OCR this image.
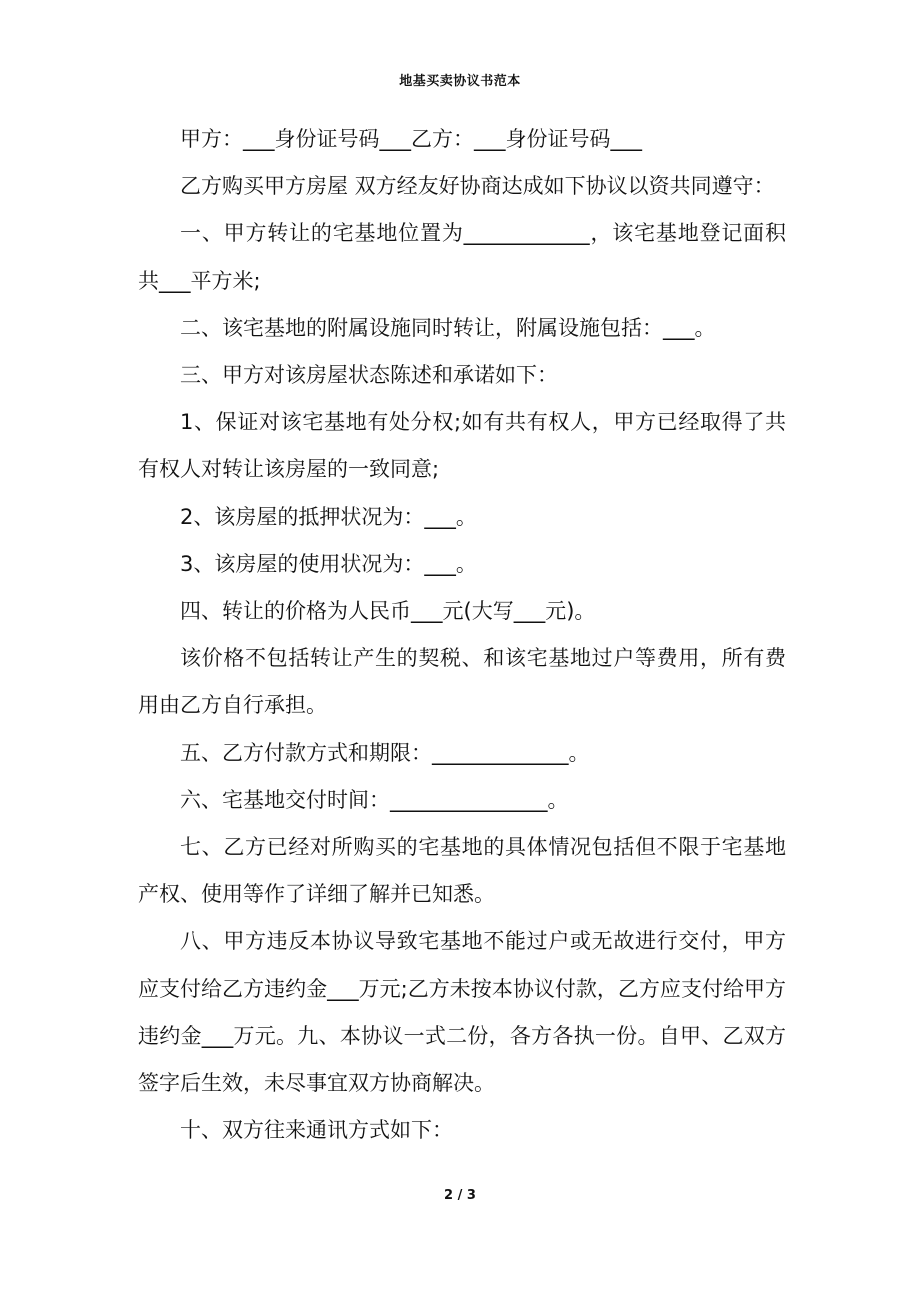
地基买卖协议书范本

甲方：___身份证号码___乙方：___身份证号码___

乙方购买甲方房屋 双方经友好协商达成如下协议以资共同遵守：

一、甲方转让的宅基地位置为____________，该宅基地登记面积共___平方米;

二、该宅基地的附属设施同时转让，附属设施包括：___。

三、甲方对该房屋状态陈述和承诺如下：

1、保证对该宅基地有处分权;如有共有权人，甲方已经取得了共有权人对转让该房屋的一致同意;

2、该房屋的抵押状况为：___。

3、该房屋的使用状况为：___。

四、转让的价格为人民币___元(大写___元)。

该价格不包括转让产生的契税、和该宅基地过户等费用，所有费用由乙方自行承担。

五、乙方付款方式和期限：_____________。

六、宅基地交付时间：_______________。

七、乙方已经对所购买的宅基地的具体情况包括但不限于宅基地产权、使用等作了详细了解并已知悉。

八、甲方违反本协议导致宅基地不能过户或无故进行交付，甲方应支付给乙方违约金___万元;乙方未按本协议付款，乙方应支付给甲方违约金___万元。九、本协议一式二份，各方各执一份。自甲、乙双方签字后生效，未尽事宜双方协商解决。

十、双方往来通讯方式如下：

2 / 3
